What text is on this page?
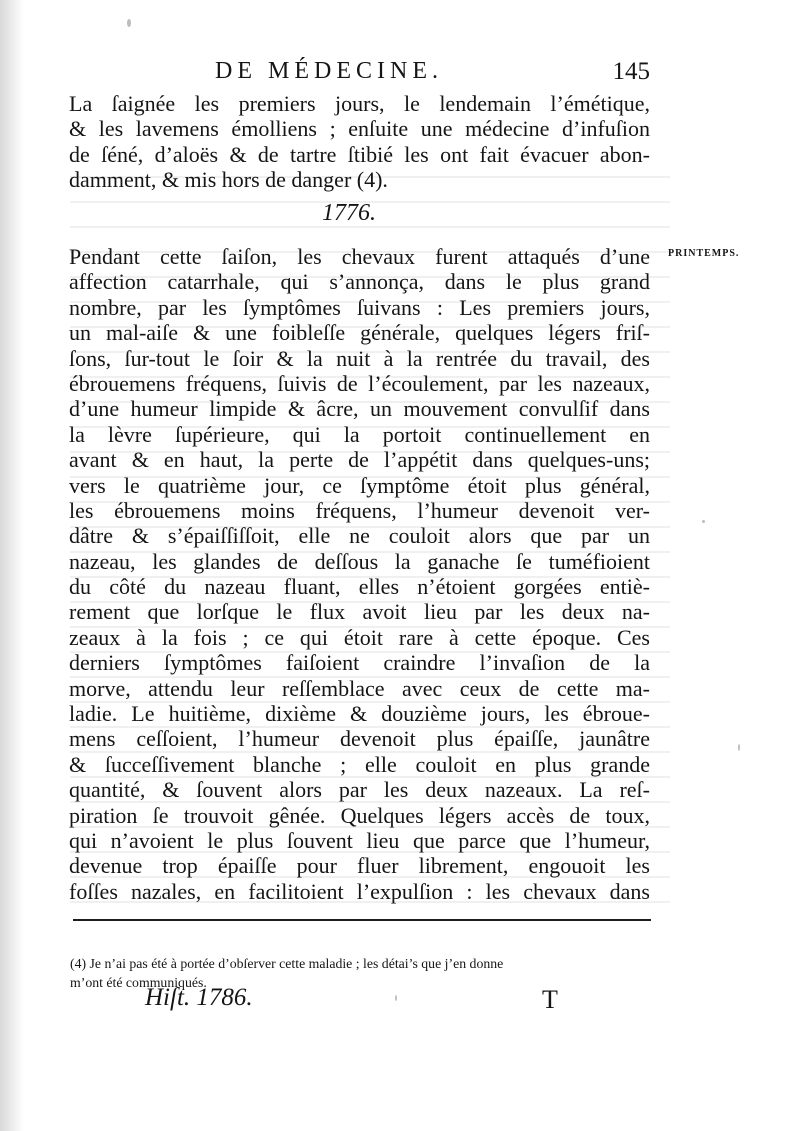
DE MÉDECINE.	145
La ſaignée les premiers jours, le lendemain l’émétique,
& les lavemens émolliens ; enſuite une médecine d’infuſion
de ſéné, d’aloës & de tartre ſtibié les ont fait évacuer abon-
damment, & mis hors de danger (4).
1776.
Pendant cette ſaiſon, les chevaux furent attaqués d’une
affection catarrhale, qui s’annonça, dans le plus grand
nombre, par les ſymptômes ſuivans : Les premiers jours,
un mal-aiſe & une foibleſſe générale, quelques légers friſ-
ſons, ſur-tout le ſoir & la nuit à la rentrée du travail, des
ébrouemens fréquens, ſuivis de l’écoulement, par les nazeaux,
d’une humeur limpide & âcre, un mouvement convulſif dans
la lèvre ſupérieure, qui la portoit continuellement en
avant & en haut, la perte de l’appétit dans quelques-uns;
vers le quatrième jour, ce ſymptôme étoit plus général,
les ébrouemens moins fréquens, l’humeur devenoit ver-
dâtre & s’épaiſſiſſoit, elle ne couloit alors que par un
nazeau, les glandes de deſſous la ganache ſe tuméfioient
du côté du nazeau fluant, elles n’étoient gorgées entiè-
rement que lorſque le flux avoit lieu par les deux na-
zeaux à la fois ; ce qui étoit rare à cette époque. Ces
derniers ſymptômes faiſoient craindre l’invaſion de la
morve, attendu leur reſſemblace avec ceux de cette ma-
ladie. Le huitième, dixième & douzième jours, les ébroue-
mens ceſſoient, l’humeur devenoit plus épaiſſe, jaunâtre
& ſucceſſivement blanche ; elle couloit en plus grande
quantité, & ſouvent alors par les deux nazeaux. La reſ-
piration ſe trouvoit gênée. Quelques légers accès de toux,
qui n’avoient le plus ſouvent lieu que parce que l’humeur,
devenue trop épaiſſe pour fluer librement, engouoit les
foſſes nazales, en facilitoient l’expulſion : les chevaux dans
PRINTEMPS.
(4) Je n’ai pas été à portée d’obſerver cette maladie ; les détai’s que j’en donne
m’ont été communiqués.
Hiſt. 1786.	T
